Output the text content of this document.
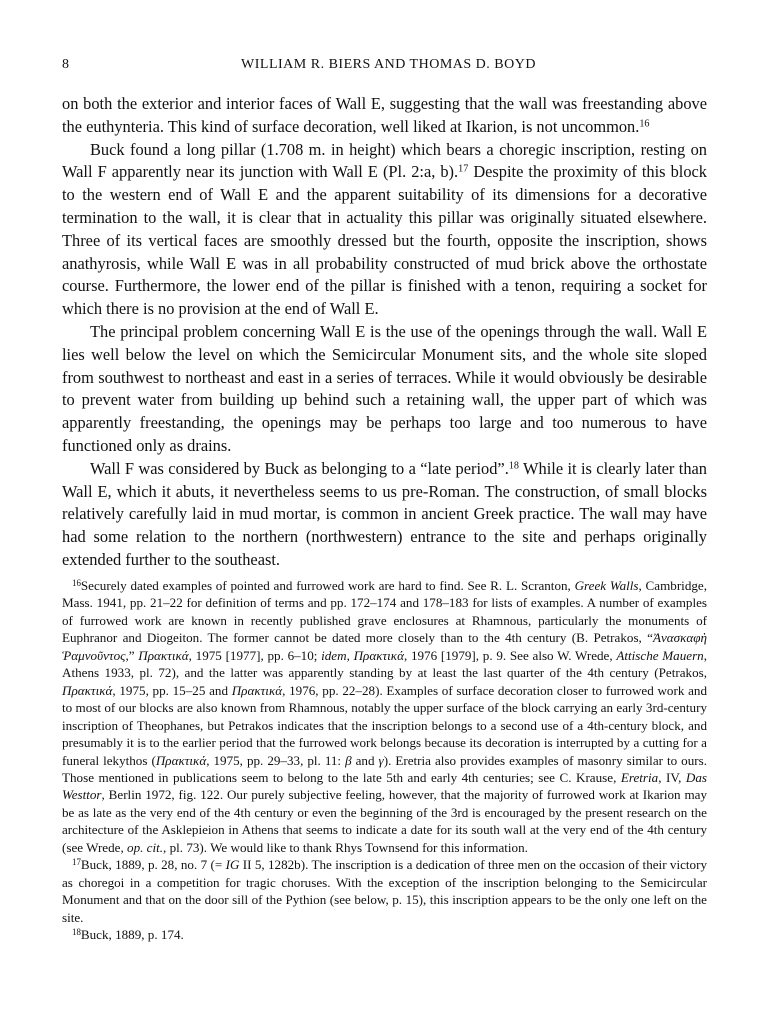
8	WILLIAM R. BIERS AND THOMAS D. BOYD

on both the exterior and interior faces of Wall E, suggesting that the wall was freestanding above the euthynteria. This kind of surface decoration, well liked at Ikarion, is not uncommon.$^{16}$

Buck found a long pillar (1.708 m. in height) which bears a choregic inscription, resting on Wall F apparently near its junction with Wall E (Pl. 2:a, b).$^{17}$ Despite the proximity of this block to the western end of Wall E and the apparent suitability of its dimensions for a decorative termination to the wall, it is clear that in actuality this pillar was originally situated elsewhere. Three of its vertical faces are smoothly dressed but the fourth, opposite the inscription, shows anathyrosis, while Wall E was in all probability constructed of mud brick above the orthostate course. Furthermore, the lower end of the pillar is finished with a tenon, requiring a socket for which there is no provision at the end of Wall E.

The principal problem concerning Wall E is the use of the openings through the wall. Wall E lies well below the level on which the Semicircular Monument sits, and the whole site sloped from southwest to northeast and east in a series of terraces. While it would obviously be desirable to prevent water from building up behind such a retaining wall, the upper part of which was apparently freestanding, the openings may be perhaps too large and too numerous to have functioned only as drains.

Wall F was considered by Buck as belonging to a “late period”.$^{18}$ While it is clearly later than Wall E, which it abuts, it nevertheless seems to us pre-Roman. The construction, of small blocks relatively carefully laid in mud mortar, is common in ancient Greek practice. The wall may have had some relation to the northern (northwestern) entrance to the site and perhaps originally extended further to the southeast.

$^{16}$Securely dated examples of pointed and furrowed work are hard to find. See R. L. Scranton, Greek Walls, Cambridge, Mass. 1941, pp. 21–22 for definition of terms and pp. 172–174 and 178–183 for lists of examples. A number of examples of furrowed work are known in recently published grave enclosures at Rhamnous, particularly the monuments of Euphranor and Diogeiton. The former cannot be dated more closely than to the 4th century (B. Petrakos, “Ἀνασκαφὴ Ῥαμνοῦντος,” Πρακτικά, 1975 [1977], pp. 6–10; idem, Πρακτικά, 1976 [1979], p. 9. See also W. Wrede, Attische Mauern, Athens 1933, pl. 72), and the latter was apparently standing by at least the last quarter of the 4th century (Petrakos, Πρακτικά, 1975, pp. 15–25 and Πρακτικά, 1976, pp. 22–28). Examples of surface decoration closer to furrowed work and to most of our blocks are also known from Rhamnous, notably the upper surface of the block carrying an early 3rd-century inscription of Theophanes, but Petrakos indicates that the inscription belongs to a second use of a 4th-century block, and presumably it is to the earlier period that the furrowed work belongs because its decoration is interrupted by a cutting for a funeral lekythos (Πρακτικά, 1975, pp. 29–33, pl. 11: β and γ). Eretria also provides examples of masonry similar to ours. Those mentioned in publications seem to belong to the late 5th and early 4th centuries; see C. Krause, Eretria, IV, Das Westtor, Berlin 1972, fig. 122. Our purely subjective feeling, however, that the majority of furrowed work at Ikarion may be as late as the very end of the 4th century or even the beginning of the 3rd is encouraged by the present research on the architecture of the Asklepieion in Athens that seems to indicate a date for its south wall at the very end of the 4th century (see Wrede, op. cit., pl. 73). We would like to thank Rhys Townsend for this information.

$^{17}$Buck, 1889, p. 28, no. 7 (= IG II 5, 1282b). The inscription is a dedication of three men on the occasion of their victory as choregoi in a competition for tragic choruses. With the exception of the inscription belonging to the Semicircular Monument and that on the door sill of the Pythion (see below, p. 15), this inscription appears to be the only one left on the site.

$^{18}$Buck, 1889, p. 174.
